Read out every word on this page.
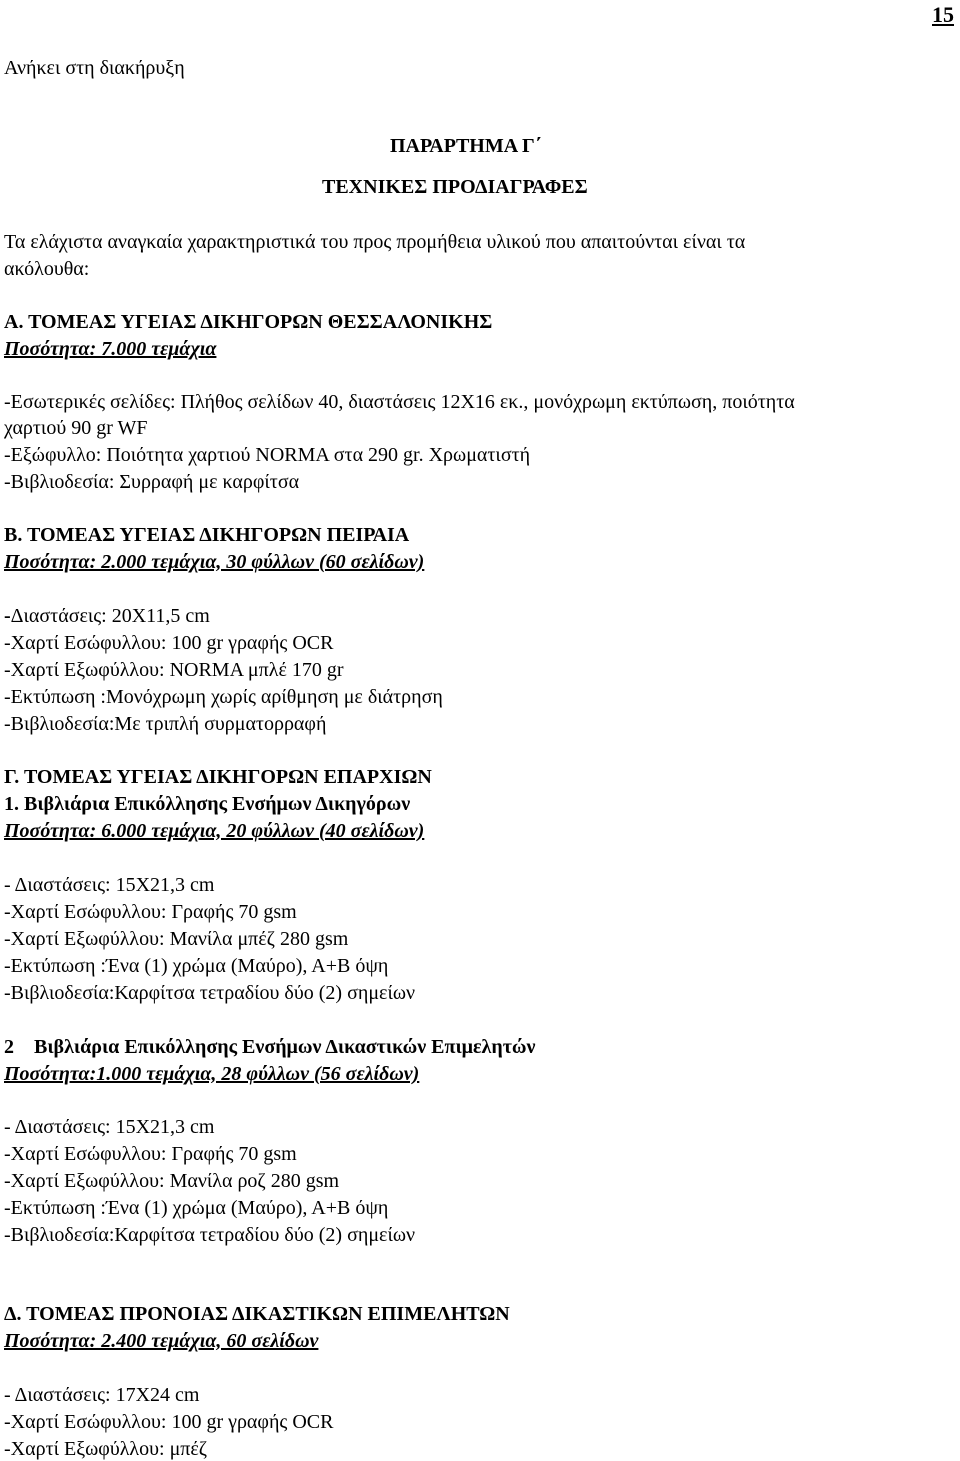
15

Ανήκει στη διακήρυξη

ΠΑΡΑΡΤΗΜΑ Γ΄

ΤΕΧΝΙΚΕΣ ΠΡΟΔΙΑΓΡΑΦΕΣ

Τα ελάχιστα αναγκαία χαρακτηριστικά του προς προμήθεια υλικού που απαιτούνται είναι τα

ακόλουθα:

Α. ΤΟΜΕΑΣ ΥΓΕΙΑΣ ΔΙΚΗΓΟΡΩΝ ΘΕΣΣΑΛΟΝΙΚΗΣ

Ποσότητα: 7.000 τεμάχια

-Εσωτερικές σελίδες: Πλήθος σελίδων 40, διαστάσεις 12Χ16 εκ., μονόχρωμη εκτύπωση, ποιότητα

χαρτιού 90 gr WF

-Εξώφυλλο: Ποιότητα χαρτιού NORMA στα 290 gr. Χρωματιστή

-Βιβλιοδεσία: Συρραφή με καρφίτσα

Β. ΤΟΜΕΑΣ ΥΓΕΙΑΣ ΔΙΚΗΓΟΡΩΝ ΠΕΙΡΑΙΑ

Ποσότητα: 2.000 τεμάχια, 30 φύλλων (60 σελίδων)

-Διαστάσεις: 20Χ11,5 cm

-Χαρτί Εσώφυλλου: 100 gr γραφής OCR

-Χαρτί Εξωφύλλου: NORMA μπλέ 170 gr

-Εκτύπωση :Μονόχρωμη χωρίς αρίθμηση με διάτρηση

-Βιβλιοδεσία:Με τριπλή συρματορραφή

Γ. ΤΟΜΕΑΣ ΥΓΕΙΑΣ ΔΙΚΗΓΟΡΩΝ ΕΠΑΡΧΙΩΝ

1. Βιβλιάρια Επικόλλησης Ενσήμων Δικηγόρων

Ποσότητα: 6.000 τεμάχια, 20 φύλλων (40 σελίδων)

- Διαστάσεις: 15Χ21,3 cm

-Χαρτί Εσώφυλλου: Γραφής 70 gsm

-Χαρτί Εξωφύλλου: Μανίλα μπέζ 280 gsm

-Εκτύπωση :Ένα (1) χρώμα (Μαύρο), Α+Β όψη

-Βιβλιοδεσία:Καρφίτσα τετραδίου δύο (2) σημείων

2 Βιβλιάρια Επικόλλησης Ενσήμων Δικαστικών Επιμελητών

Ποσότητα:1.000 τεμάχια, 28 φύλλων (56 σελίδων)

- Διαστάσεις: 15Χ21,3 cm

-Χαρτί Εσώφυλλου: Γραφής 70 gsm

-Χαρτί Εξωφύλλου: Μανίλα ροζ 280 gsm

-Εκτύπωση :Ένα (1) χρώμα (Μαύρο), Α+Β όψη

-Βιβλιοδεσία:Καρφίτσα τετραδίου δύο (2) σημείων

Δ. ΤΟΜΕΑΣ ΠΡΟΝΟΙΑΣ ΔΙΚΑΣΤΙΚΩΝ ΕΠΙΜΕΛΗΤΩΝ

Ποσότητα: 2.400 τεμάχια, 60 σελίδων

- Διαστάσεις: 17Χ24 cm

-Χαρτί Εσώφυλλου: 100 gr γραφής OCR

-Χαρτί Εξωφύλλου: μπέζ
